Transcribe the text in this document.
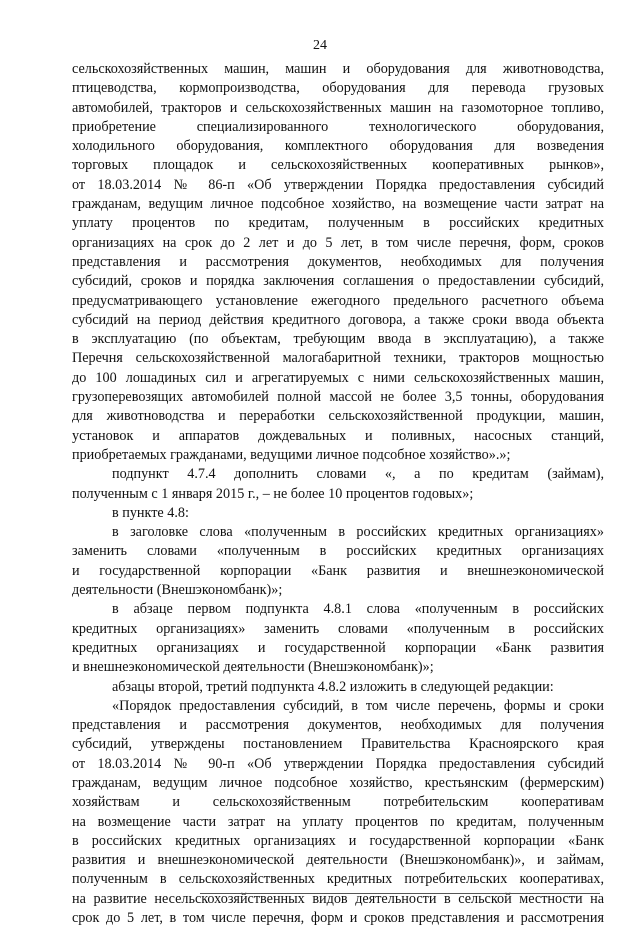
24
сельскохозяйственных машин, машин и оборудования для животноводства,
птицеводства, кормопроизводства, оборудования для перевода грузовых
автомобилей, тракторов и сельскохозяйственных машин на газомоторное топливо,
приобретение специализированного технологического оборудования,
холодильного оборудования, комплектного оборудования для возведения
торговых площадок и сельскохозяйственных кооперативных рынков»,
от 18.03.2014 № 86-п «Об утверждении Порядка предоставления субсидий
гражданам, ведущим личное подсобное хозяйство, на возмещение части затрат на
уплату процентов по кредитам, полученным в российских кредитных
организациях на срок до 2 лет и до 5 лет, в том числе перечня, форм, сроков
представления и рассмотрения документов, необходимых для получения
субсидий, сроков и порядка заключения соглашения о предоставлении субсидий,
предусматривающего установление ежегодного предельного расчетного объема
субсидий на период действия кредитного договора, а также сроки ввода объекта
в эксплуатацию (по объектам, требующим ввода в эксплуатацию), а также
Перечня сельскохозяйственной малогабаритной техники, тракторов мощностью
до 100 лошадиных сил и агрегатируемых с ними сельскохозяйственных машин,
грузоперевозящих автомобилей полной массой не более 3,5 тонны, оборудования
для животноводства и переработки сельскохозяйственной продукции, машин,
установок и аппаратов дождевальных и поливных, насосных станций,
приобретаемых гражданами, ведущими личное подсобное хозяйство».»;
подпункт 4.7.4 дополнить словами «, а по кредитам (займам),
полученным с 1 января 2015 г., – не более 10 процентов годовых»;
в пункте 4.8:
в заголовке слова «полученным в российских кредитных организациях»
заменить словами «полученным в российских кредитных организациях
и государственной корпорации «Банк развития и внешнеэкономической
деятельности (Внешэкономбанк)»;
в абзаце первом подпункта 4.8.1 слова «полученным в российских
кредитных организациях» заменить словами «полученным в российских
кредитных организациях и государственной корпорации «Банк развития
и внешнеэкономической деятельности (Внешэкономбанк)»;
абзацы второй, третий подпункта 4.8.2 изложить в следующей редакции:
«Порядок предоставления субсидий, в том числе перечень, формы и сроки
представления и рассмотрения документов, необходимых для получения
субсидий, утверждены постановлением Правительства Красноярского края
от 18.03.2014 № 90-п «Об утверждении Порядка предоставления субсидий
гражданам, ведущим личное подсобное хозяйство, крестьянским (фермерским)
хозяйствам и сельскохозяйственным потребительским кооперативам
на возмещение части затрат на уплату процентов по кредитам, полученным
в российских кредитных организациях и государственной корпорации «Банк
развития и внешнеэкономической деятельности (Внешэкономбанк)», и займам,
полученным в сельскохозяйственных кредитных потребительских кооперативах,
на развитие несельскохозяйственных видов деятельности в сельской местности на
срок до 5 лет, в том числе перечня, форм и сроков представления и рассмотрения
